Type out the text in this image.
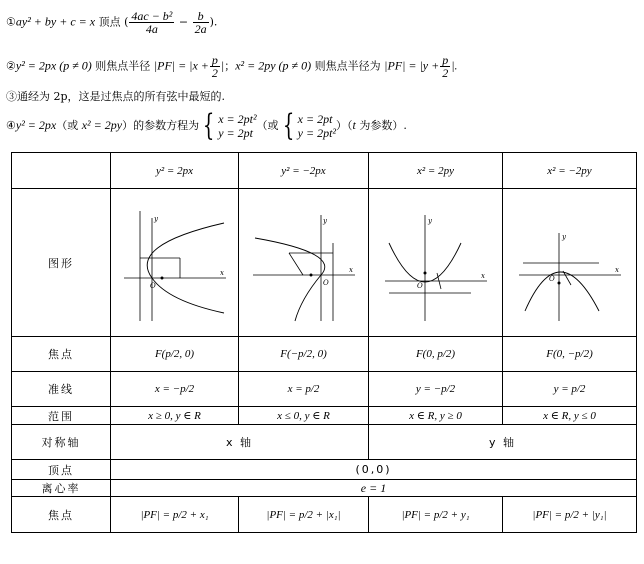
①ay² + by + c = x 顶点 ( $\frac{\text{4ac − b²}}{4a} - \frac{b}{2a}$ ).
②y² = 2px (p ≠ 0) 则焦点半径 $|PF| = |x + \frac{p}{2}$ |；x² = 2py (p ≠ 0) 则焦点半径为 $|PF| = |y + \frac{p}{2}$ |.
③通经为 2p，这是过焦点的所有弦中最短的.
④y² = 2px（或 x² = 2py）的参数方程为 { x = 2pt²
y = 2pt（或 { x = 2pt
y = 2pt²）（t 为参数）.
	y² = 2px	y² = −2px	x² = 2py	x² = −2py
图形	O
x
y	O
x
y	O
x
y	O
x
y

焦点	F(p/2, 0)	F(−p/2, 0)	F(0, p/2)	F(0, −p/2)
准线	x = −p/2	x = p/2	y = −p/2	y = p/2
范围	x ≥ 0, y ∈ R	x ≤ 0, y ∈ R	x ∈ R, y ≥ 0	x ∈ R, y ≤ 0
对称轴	x 轴		y 轴	
顶点	(0,0)			
离心率	e = 1			
焦点	|PF| = p/2 + x₁	|PF| = p/2 + |x₁|	|PF| = p/2 + y₁	|PF| = p/2 + |y₁|
